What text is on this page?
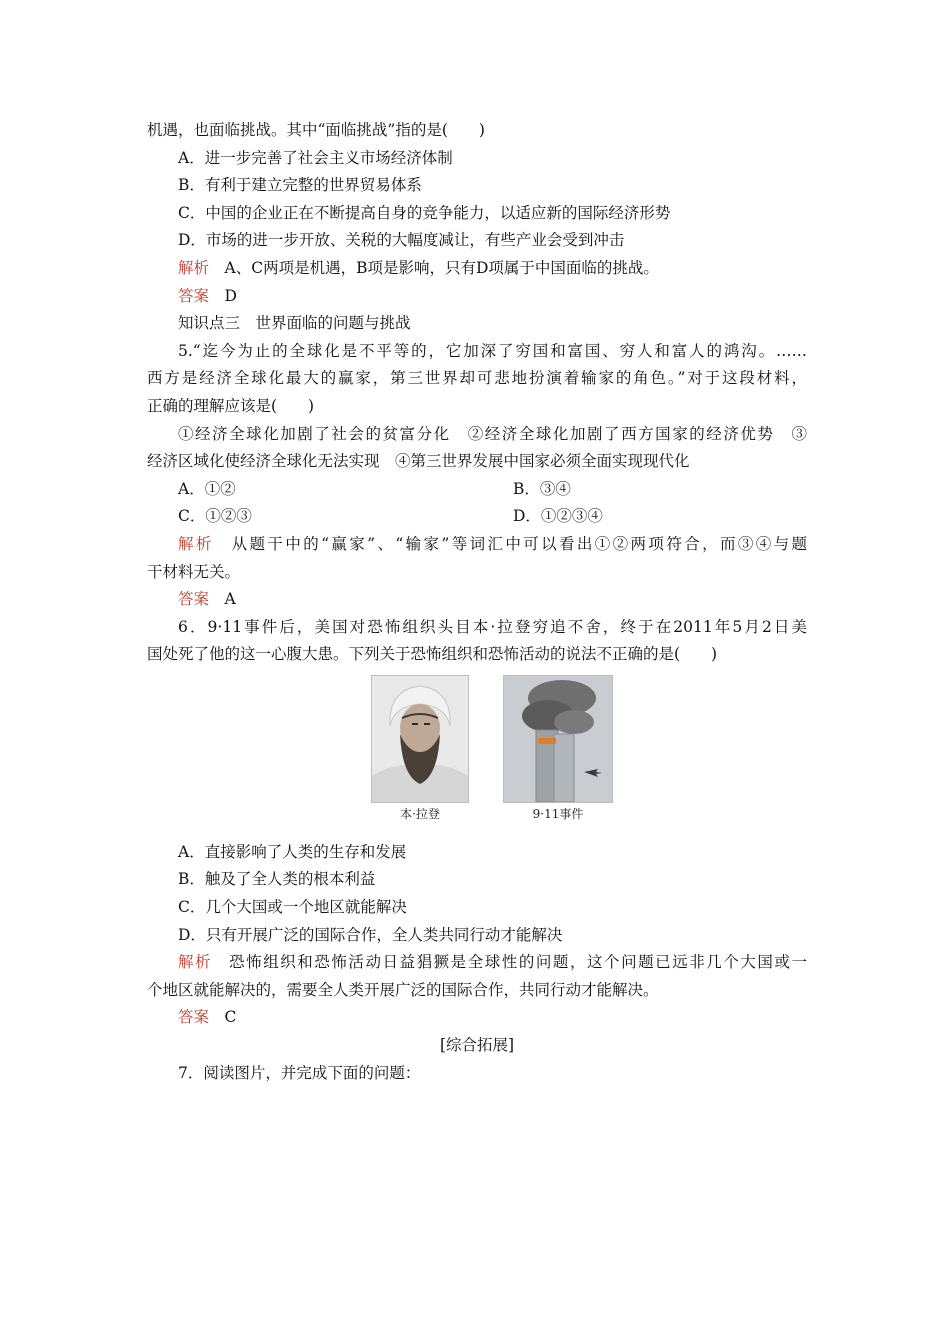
机遇，也面临挑战。其中“面临挑战”指的是(　　)
A．进一步完善了社会主义市场经济体制
B．有利于建立完整的世界贸易体系
C．中国的企业正在不断提高自身的竞争能力，以适应新的国际经济形势
D．市场的进一步开放、关税的大幅度减让，有些产业会受到冲击
解析　A、C两项是机遇，B项是影响，只有D项属于中国面临的挑战。
答案　D
知识点三　世界面临的问题与挑战
5.“迄今为止的全球化是不平等的，它加深了穷国和富国、穷人和富人的鸿沟。……
西方是经济全球化最大的赢家，第三世界却可悲地扮演着输家的角色。”对于这段材料，
正确的理解应该是(　　)
①经济全球化加剧了社会的贫富分化　②经济全球化加剧了西方国家的经济优势　③
经济区域化使经济全球化无法实现　④第三世界发展中国家必须全面实现现代化
A．①②	B．③④
C．①②③	D．①②③④
解析　从题干中的“赢家”、“输家”等词汇中可以看出①②两项符合，而③④与题
干材料无关。
答案　A
6．9·11事件后，美国对恐怖组织头目本·拉登穷追不舍，终于在2011年5月2日美
国处死了他的这一心腹大患。下列关于恐怖组织和恐怖活动的说法不正确的是(　　)
本·拉登	9·11事件
A．直接影响了人类的生存和发展
B．触及了全人类的根本利益
C．几个大国或一个地区就能解决
D．只有开展广泛的国际合作，全人类共同行动才能解决
解析　恐怖组织和恐怖活动日益猖獗是全球性的问题，这个问题已远非几个大国或一
个地区就能解决的，需要全人类开展广泛的国际合作，共同行动才能解决。
答案　C
[综合拓展]
7．阅读图片，并完成下面的问题：
